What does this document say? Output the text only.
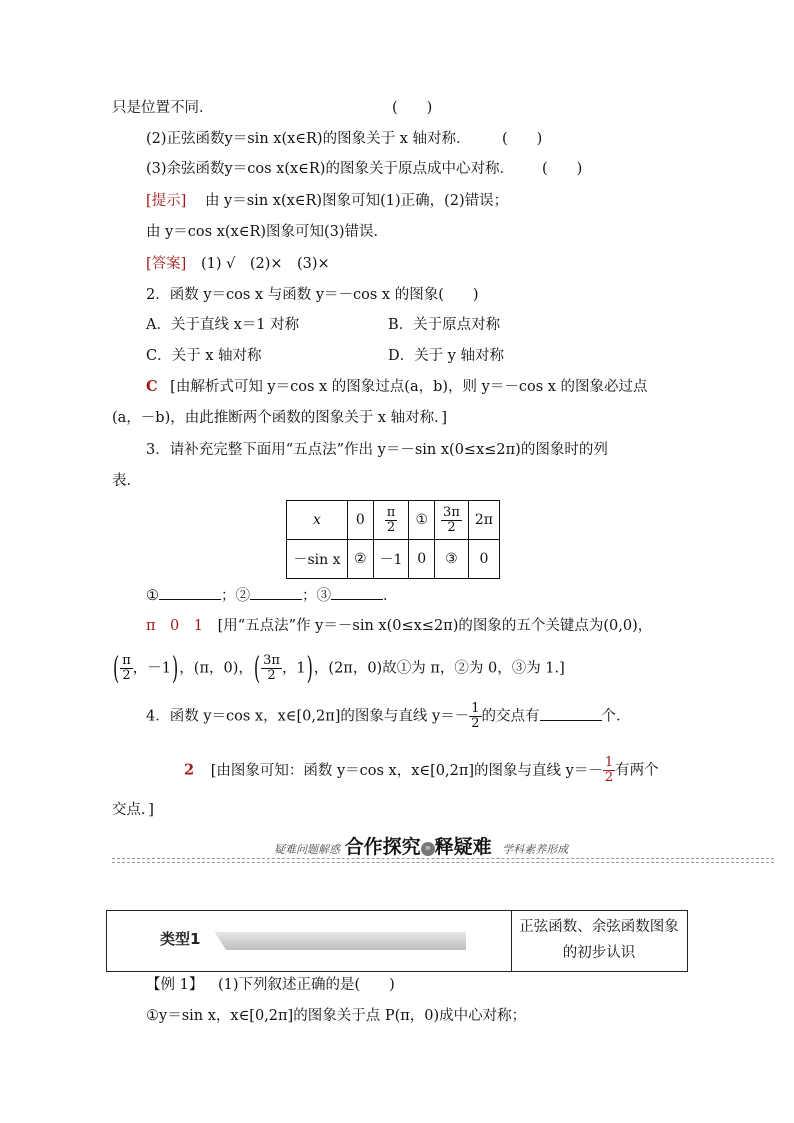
只是位置不同．	(　　)
(2)正弦函数y＝sin x(x∈R)的图象关于 x 轴对称． (　　)
(3)余弦函数y＝cos x(x∈R)的图象关于原点成中心对称． (　　)
[提示] 由 y＝sin x(x∈R)图象可知(1)正确，(2)错误；
由 y＝cos x(x∈R)图象可知(3)错误．
[答案] (1) √　(2)×　(3)×
2．函数 y＝cos x 与函数 y＝－cos x 的图象(　　)
A．关于直线 x＝1 对称	B．关于原点对称
C．关于 x 轴对称	D．关于 y 轴对称
C [由解析式可知 y＝cos x 的图象过点(a，b)，则 y＝－cos x 的图象必过点
(a，－b)，由此推断两个函数的图象关于 x 轴对称．]
3．请补充完整下面用“五点法”作出 y＝－sin x(0≤x≤2π)的图象时的列
表．
x	0	$\frac{\pi}{2}$	①	$\frac{3\pi}{2}$	2π
－sin x	②	－1	0	③	0
①	；②	；③	．
π　0　1 [用“五点法”作 y＝－sin x(0≤x≤2π)的图象的五个关键点为(0,0)，
( $\frac{\pi}{2}$ ，－1)，(π，0)，( $\frac{3\pi}{2}$ ，1)，(2π，0)故①为 π，②为 0，③为 1.]
4．函数 y＝cos x，x∈[0,2π]的图象与直线 $y=- \frac{1}{2}$ 的交点有	个．
2 [由图象可知：函数 y＝cos x，x∈[0,2π]的图象与直线 $y=- \frac{1}{2}$ 有两个
交点．]
疑难问题解惑 合作探究 » 释疑难 学科素养形成
类型1
正弦函数、余弦函数图象的初步认识
【例 1】 (1)下列叙述正确的是(　　)
①y＝sin x，x∈[0,2π]的图象关于点 P(π，0)成中心对称；
